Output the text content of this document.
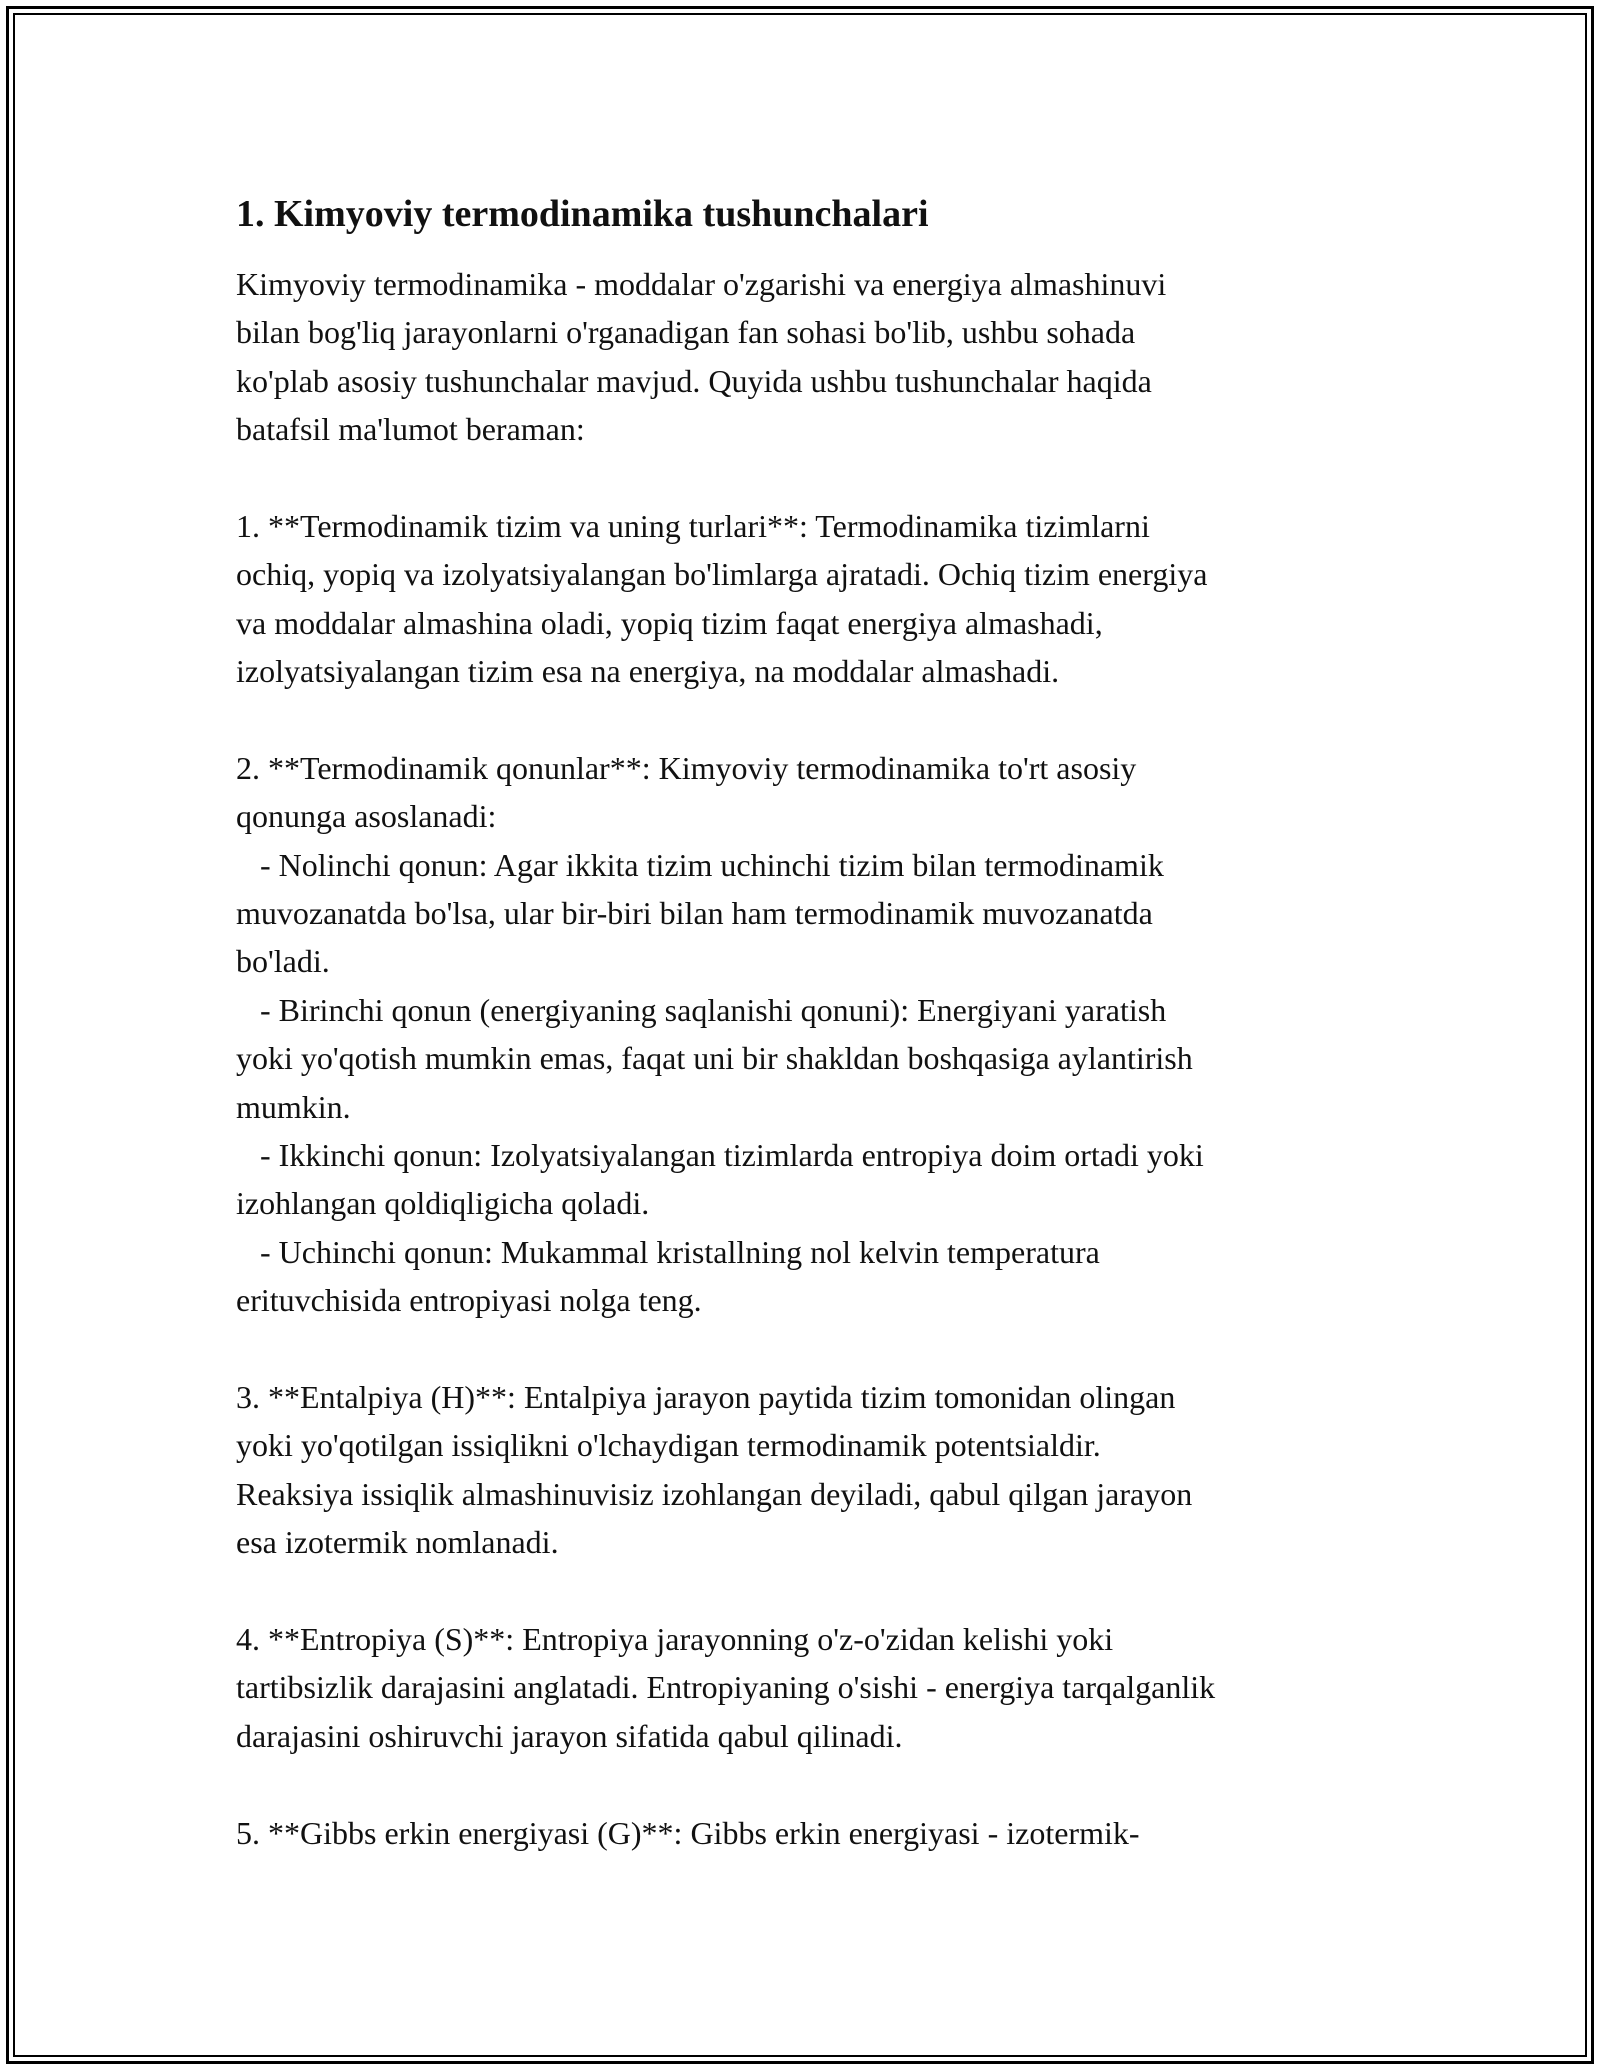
1. Kimyoviy termodinamika tushunchalari
Kimyoviy termodinamika - moddalar o'zgarishi va energiya almashinuvi
bilan bog'liq jarayonlarni o'rganadigan fan sohasi bo'lib, ushbu sohada
ko'plab asosiy tushunchalar mavjud. Quyida ushbu tushunchalar haqida
batafsil ma'lumot beraman:
1. **Termodinamik tizim va uning turlari**: Termodinamika tizimlarni
ochiq, yopiq va izolyatsiyalangan bo'limlarga ajratadi. Ochiq tizim energiya
va moddalar almashina oladi, yopiq tizim faqat energiya almashadi,
izolyatsiyalangan tizim esa na energiya, na moddalar almashadi.
2. **Termodinamik qonunlar**: Kimyoviy termodinamika to'rt asosiy
qonunga asoslanadi:
- Nolinchi qonun: Agar ikkita tizim uchinchi tizim bilan termodinamik
muvozanatda bo'lsa, ular bir-biri bilan ham termodinamik muvozanatda
bo'ladi.
- Birinchi qonun (energiyaning saqlanishi qonuni): Energiyani yaratish
yoki yo'qotish mumkin emas, faqat uni bir shakldan boshqasiga aylantirish
mumkin.
- Ikkinchi qonun: Izolyatsiyalangan tizimlarda entropiya doim ortadi yoki
izohlangan qoldiqligicha qoladi.
- Uchinchi qonun: Mukammal kristallning nol kelvin temperatura
erituvchisida entropiyasi nolga teng.
3. **Entalpiya (H)**: Entalpiya jarayon paytida tizim tomonidan olingan
yoki yo'qotilgan issiqlikni o'lchaydigan termodinamik potentsialdir.
Reaksiya issiqlik almashinuvisiz izohlangan deyiladi, qabul qilgan jarayon
esa izotermik nomlanadi.
4. **Entropiya (S)**: Entropiya jarayonning o'z-o'zidan kelishi yoki
tartibsizlik darajasini anglatadi. Entropiyaning o'sishi - energiya tarqalganlik
darajasini oshiruvchi jarayon sifatida qabul qilinadi.
5. **Gibbs erkin energiyasi (G)**: Gibbs erkin energiyasi - izotermik-
